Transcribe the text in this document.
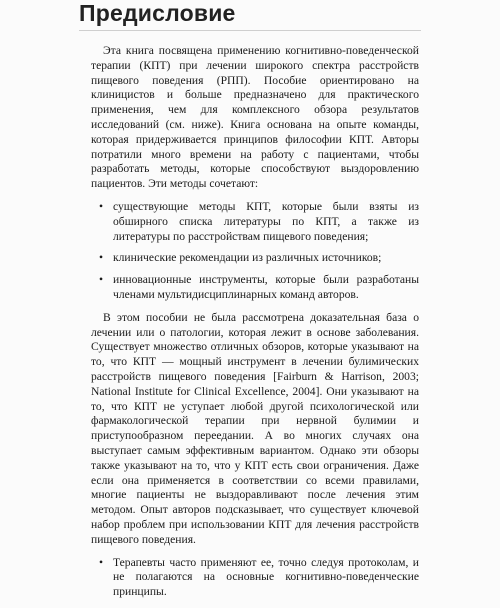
Предисловие

Эта книга посвящена применению когнитивно-поведенческой терапии (КПТ) при лечении широкого спектра расстройств пищевого поведения (РПП). Пособие ориентировано на клиницистов и больше предназначено для практического применения, чем для комплексного обзора результатов исследований (см. ниже). Книга основана на опыте команды, которая придерживается принципов философии КПТ. Авторы потратили много времени на работу с пациентами, чтобы разработать методы, которые способствуют выздоровлению пациентов. Эти методы сочетают:

• существующие методы КПТ, которые были взяты из обширного списка литературы по КПТ, а также из литературы по расстройствам пищевого поведения;
• клинические рекомендации из различных источников;
• инновационные инструменты, которые были разработаны членами мультидисциплинарных команд авторов.

В этом пособии не была рассмотрена доказательная база о лечении или о патологии, которая лежит в основе заболевания. Существует множество отличных обзоров, которые указывают на то, что КПТ — мощный инструмент в лечении булимических расстройств пищевого поведения [Fairburn & Harrison, 2003; National Institute for Clinical Excellence, 2004]. Они указывают на то, что КПТ не уступает любой другой психологической или фармакологической терапии при нервной булимии и приступообразном переедании. А во многих случаях она выступает самым эффективным вариантом. Однако эти обзоры также указывают на то, что у КПТ есть свои ограничения. Даже если она применяется в соответствии со всеми правилами, многие пациенты не выздоравливают после лечения этим методом. Опыт авторов подсказывает, что существует ключевой набор проблем при использовании КПТ для лечения расстройств пищевого поведения.

• Терапевты часто применяют ее, точно следуя протоколам, и не полагаются на основные когнитивно-поведенческие принципы.
